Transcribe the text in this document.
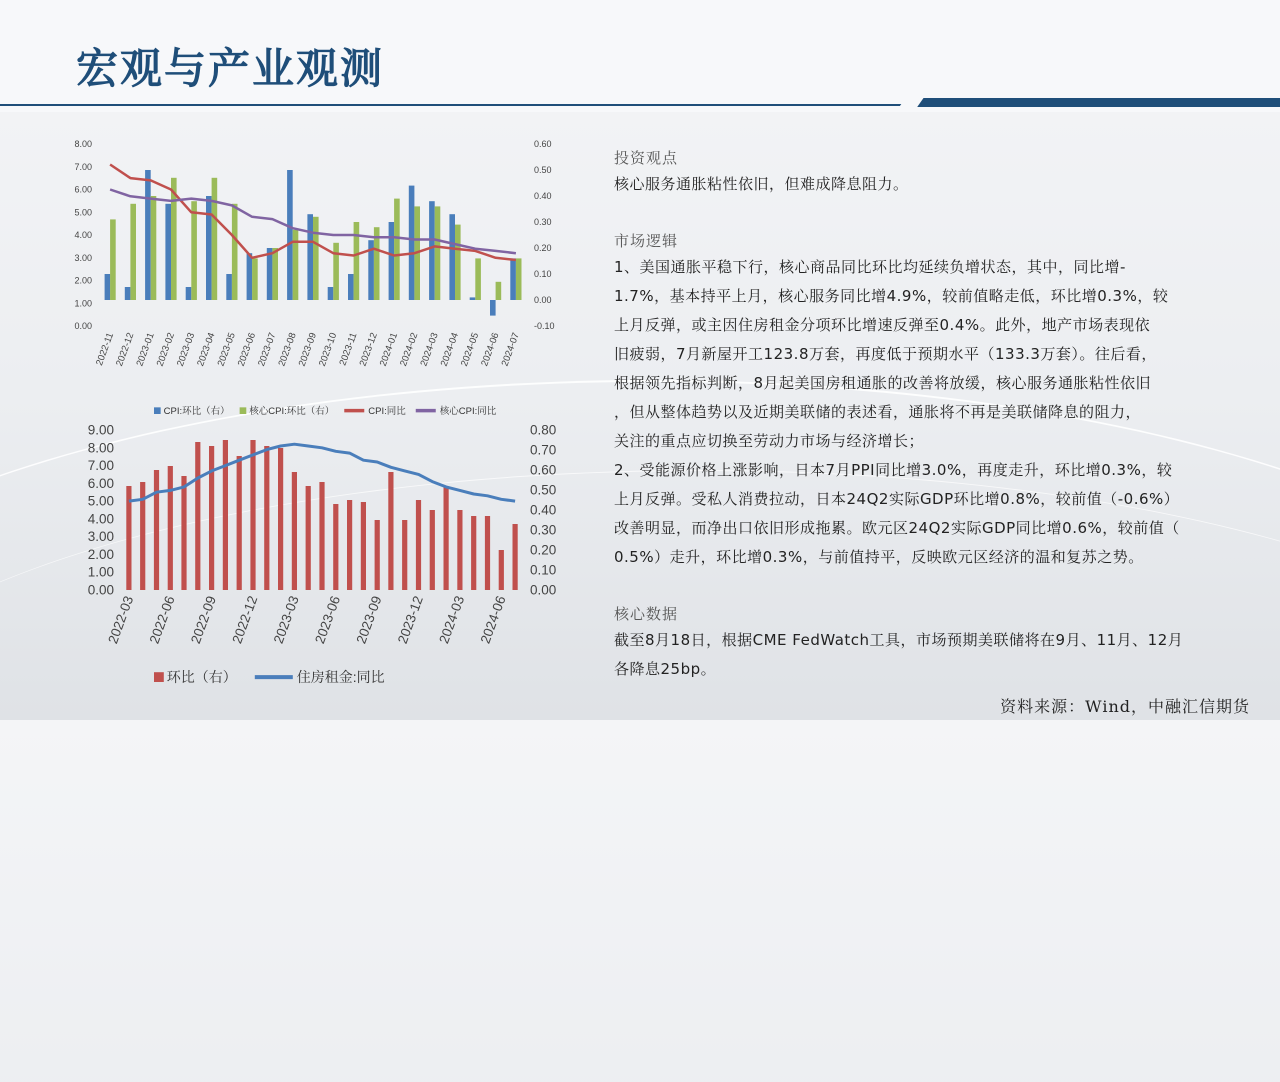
宏观与产业观测
0.00
1.00
2.00
3.00
4.00
5.00
6.00
7.00
8.00
-0.10
0.00
0.10
0.20
0.30
0.40
0.50
0.60
2022-11
2022-12
2023-01
2023-02
2023-03
2023-04
2023-05
2023-06
2023-07
2023-08
2023-09
2023-10
2023-11
2023-12
2024-01
2024-02
2024-03
2024-04
2024-05
2024-06
2024-07
CPI:环比（右） 核心CPI:环比（右）	CPI:同比	核心CPI:同比
0.00
1.00
2.00
3.00
4.00
5.00
6.00
7.00
8.00
9.00
0.00
0.10
0.20
0.30
0.40
0.50
0.60
0.70
0.80
2022-03 2022-06 2022-09 2022-12 2023-03 2023-06 2023-09 2023-12 2024-03 2024-06
环比（右）	住房租金:同比

投资观点

核心服务通胀粘性依旧，但难成降息阻力。

市场逻辑

1、美国通胀平稳下行，核心商品同比环比均延续负增状态，其中，同比增-

1.7%，基本持平上月，核心服务同比增4.9%，较前值略走低，环比增0.3%，较

上月反弹，或主因住房租金分项环比增速反弹至0.4%。此外，地产市场表现依

旧疲弱，7月新屋开工123.8万套，再度低于预期水平（133.3万套）。往后看，

根据领先指标判断，8月起美国房租通胀的改善将放缓，核心服务通胀粘性依旧

，但从整体趋势以及近期美联储的表述看，通胀将不再是美联储降息的阻力，

关注的重点应切换至劳动力市场与经济增长；

2、受能源价格上涨影响，日本7月PPI同比增3.0%，再度走升，环比增0.3%，较

上月反弹。受私人消费拉动，日本24Q2实际GDP环比增0.8%，较前值（-0.6%）

改善明显，而净出口依旧形成拖累。欧元区24Q2实际GDP同比增0.6%，较前值（

0.5%）走升，环比增0.3%，与前值持平，反映欧元区经济的温和复苏之势。

核心数据

截至8月18日，根据CME FedWatch工具，市场预期美联储将在9月、11月、12月

各降息25bp。

资料来源：Wind，中融汇信期货
